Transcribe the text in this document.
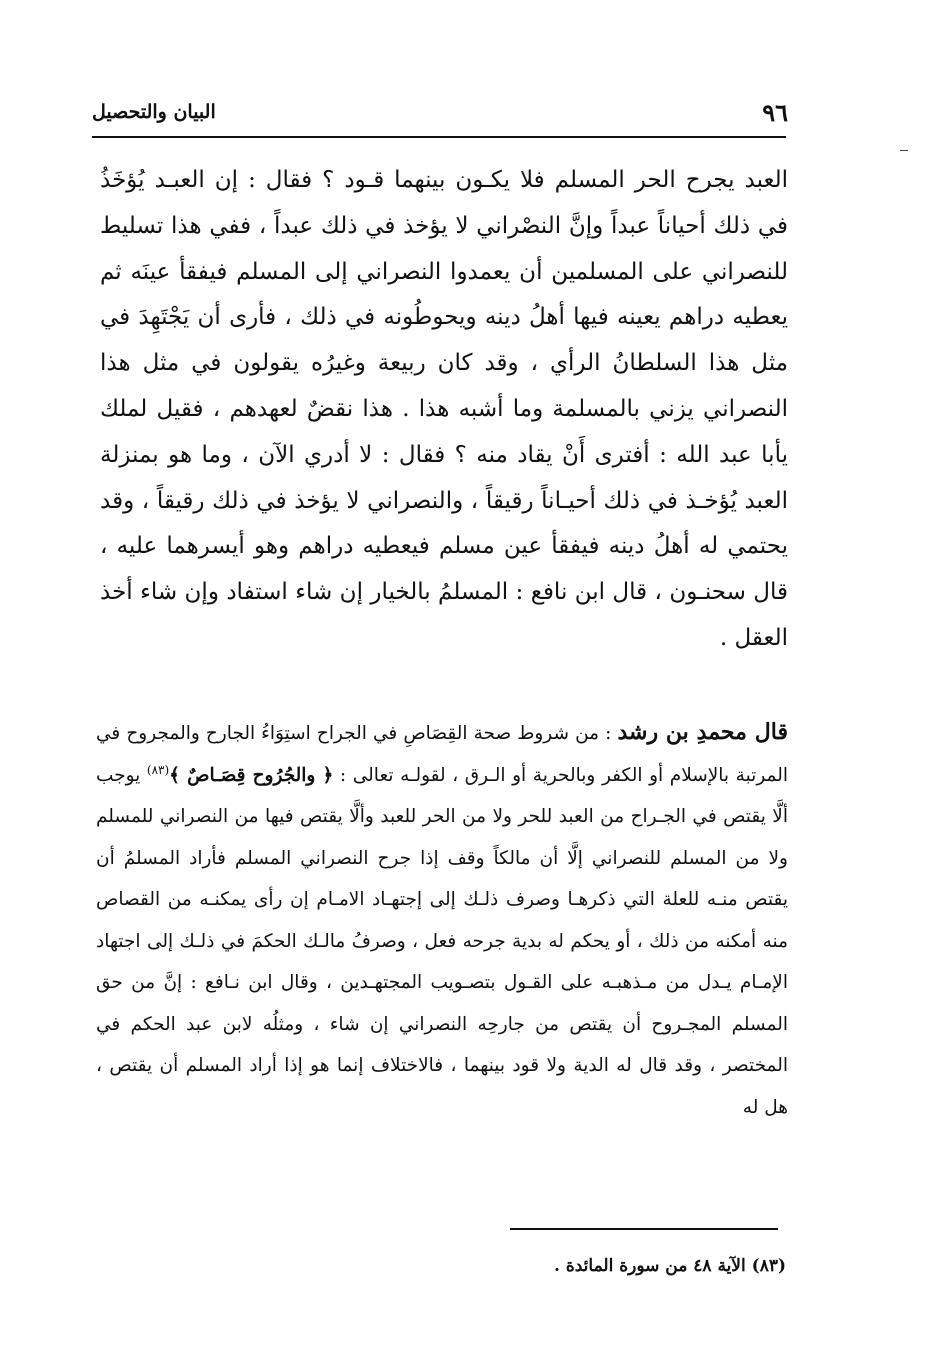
٩٦
البيان والتحصيل

العبد يجرح الحر المسلم فلا يكـون بينهما قـود ؟ فقال : إن العبـد يُؤخَذُ في ذلك أحياناً عبداً وإنَّ النصْراني لا يؤخذ في ذلك عبداً ، ففي هذا تسليط للنصراني على المسلمين أن يعمدوا النصراني إلى المسلم فيفقأ عينَه ثم يعطيه دراهم يعينه فيها أهلُ دينه ويحوطُونه في ذلك ، فأرى أن يَجْتَهِدَ في مثل هذا السلطانُ الرأي ، وقد كان ربيعة وغيرُه يقولون في مثل هذا النصراني يزني بالمسلمة وما أشبه هذا . هذا نقضٌ لعهدهم ، فقيل لملك يأبا عبد الله : أفترى أَنْ يقاد منه ؟ فقال : لا أدري الآن ، وما هو بمنزلة العبد يُؤخـذ في ذلك أحيـاناً رقيقاً ، والنصراني لا يؤخذ في ذلك رقيقاً ، وقد يحتمي له أهلُ دينه فيفقأ عين مسلم فيعطيه دراهم وهو أيسرهما عليه ، قال سحنـون ، قال ابن نافع : المسلمُ بالخيار إن شاء استفاد وإن شاء أخذ العقل .

قال محمدِ بن رشد : من شروط صحة القِصَاصِ في الجراح استِوَاءُ الجارح والمجروح في المرتبة بالإسلام أو الكفر وبالحرية أو الـرق ، لقولـه تعالى : ﴿ والجُرُوح قِصَـاصٌ ﴾$^{(٨٣)}$ يوجب ألَّا يقتص في الجـراح من العبد للحر ولا من الحر للعبد وألَّا يقتص فيها من النصراني للمسلم ولا من المسلم للنصراني إلَّا أن مالكاً وقف إذا جرح النصراني المسلم فأراد المسلمُ أن يقتص منـه للعلة التي ذكرهـا وصرف ذلـك إلى إجتهـاد الامـام إن رأى يمكنـه من القصاص منه أمكنه من ذلك ، أو يحكم له بدية جرحه فعل ، وصرفُ مالـك الحكمَ في ذلـك إلى اجتهاد الإمـام يـدل من مـذهبـه على القـول بتصـويب المجتهـدين ، وقال ابن نـافع : إنَّ من حق المسلم المجـروح أن يقتص من جارحِه النصراني إن شاء ، ومثلُه لابن عبد الحكم في المختصر ، وقد قال له الدية ولا قود بينهما ، فالاختلاف إنما هو إذا أراد المسلم أن يقتص ، هل له

(٨٣) الآية ٤٨ من سورة المائدة .
